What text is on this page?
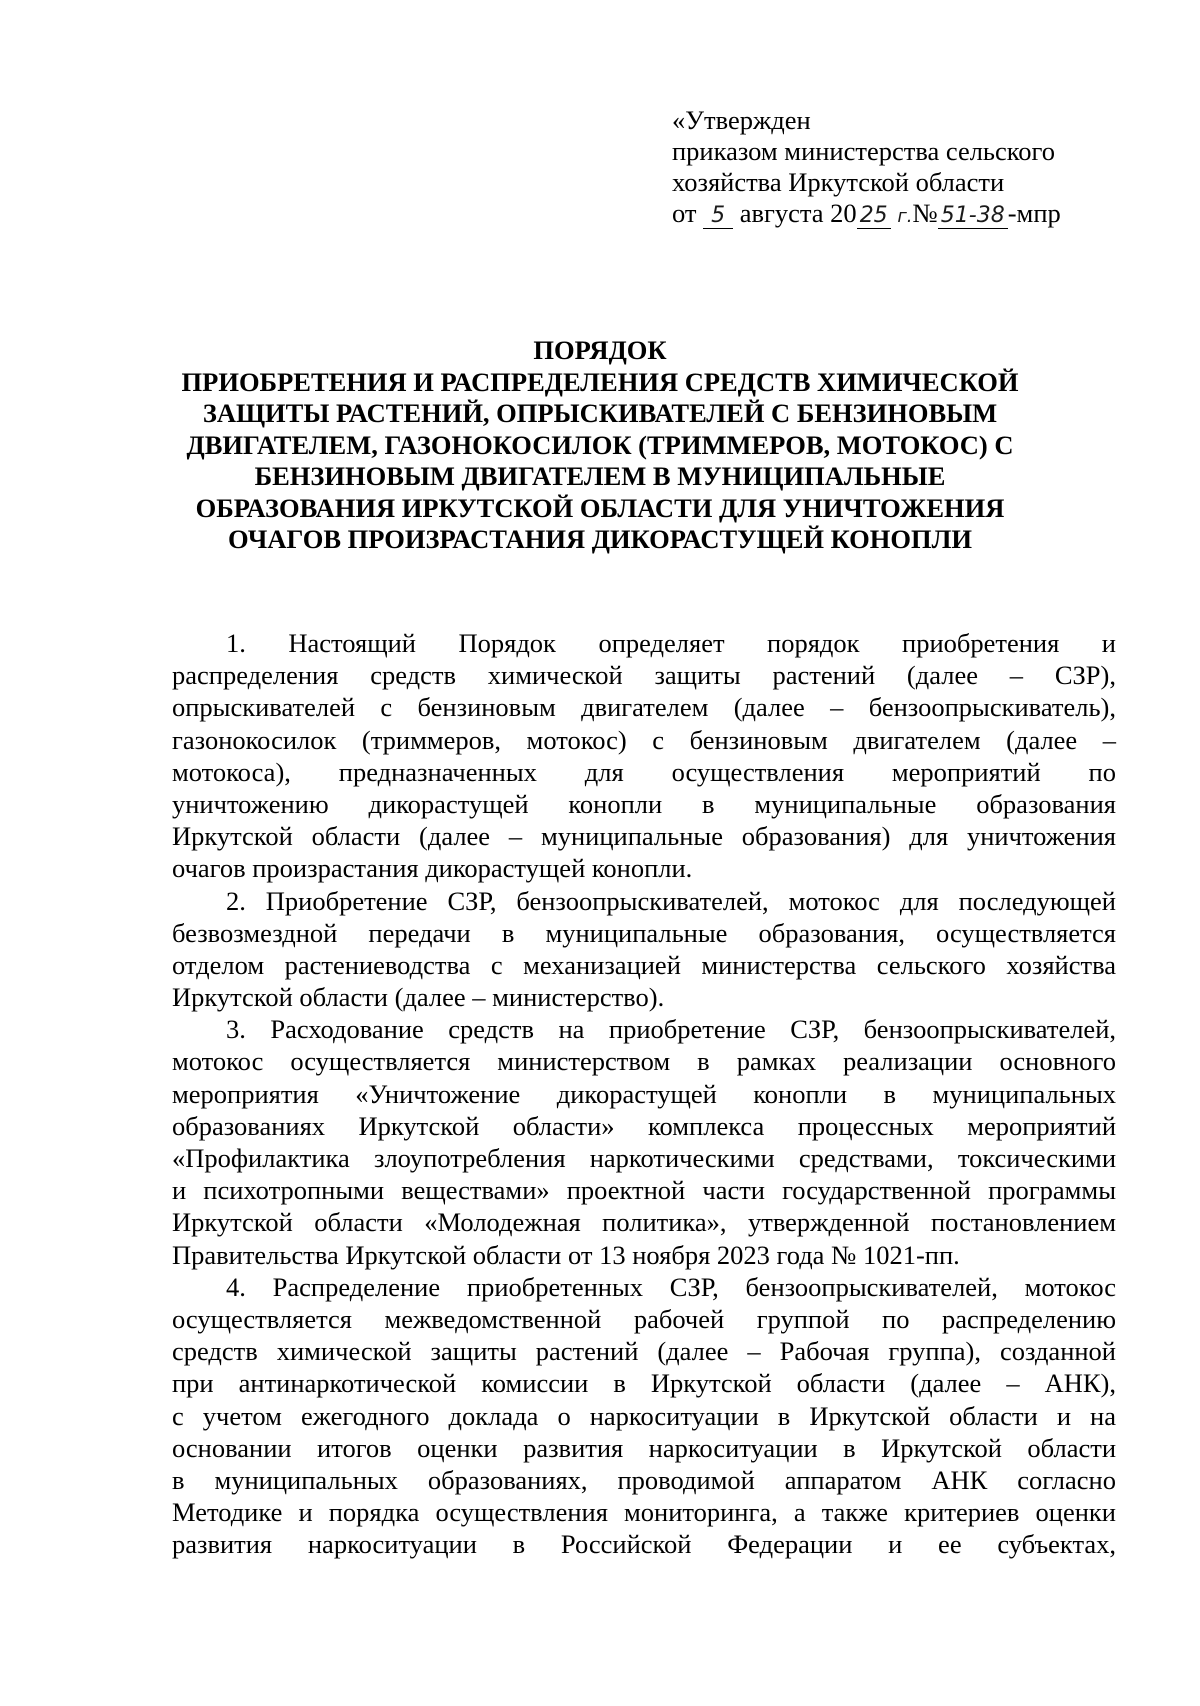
«Утвержден
приказом министерства сельского
хозяйства Иркутской области
от 5 августа 20 25 г.№ 51-38 -мпр
ПОРЯДОК
ПРИОБРЕТЕНИЯ И РАСПРЕДЕЛЕНИЯ СРЕДСТВ ХИМИЧЕСКОЙ
ЗАЩИТЫ РАСТЕНИЙ, ОПРЫСКИВАТЕЛЕЙ С БЕНЗИНОВЫМ
ДВИГАТЕЛЕМ, ГАЗОНОКОСИЛОК (ТРИММЕРОВ, МОТОКОС) С
БЕНЗИНОВЫМ ДВИГАТЕЛЕМ В МУНИЦИПАЛЬНЫЕ
ОБРАЗОВАНИЯ ИРКУТСКОЙ ОБЛАСТИ ДЛЯ УНИЧТОЖЕНИЯ
ОЧАГОВ ПРОИЗРАСТАНИЯ ДИКОРАСТУЩЕЙ КОНОПЛИ
1. Настоящий Порядок определяет порядок приобретения и
распределения средств химической защиты растений (далее – СЗР),
опрыскивателей с бензиновым двигателем (далее – бензоопрыскиватель),
газонокосилок (триммеров, мотокос) с бензиновым двигателем (далее –
мотокоса), предназначенных для осуществления мероприятий по
уничтожению дикорастущей конопли в муниципальные образования
Иркутской области (далее – муниципальные образования) для уничтожения
очагов произрастания дикорастущей конопли.
2. Приобретение СЗР, бензоопрыскивателей, мотокос для последующей
безвозмездной передачи в муниципальные образования, осуществляется
отделом растениеводства с механизацией министерства сельского хозяйства
Иркутской области (далее – министерство).
3. Расходование средств на приобретение СЗР, бензоопрыскивателей,
мотокос осуществляется министерством в рамках реализации основного
мероприятия «Уничтожение дикорастущей конопли в муниципальных
образованиях Иркутской области» комплекса процессных мероприятий
«Профилактика злоупотребления наркотическими средствами, токсическими
и психотропными веществами» проектной части государственной программы
Иркутской области «Молодежная политика», утвержденной постановлением
Правительства Иркутской области от 13 ноября 2023 года № 1021-пп.
4. Распределение приобретенных СЗР, бензоопрыскивателей, мотокос
осуществляется межведомственной рабочей группой по распределению
средств химической защиты растений (далее – Рабочая группа), созданной
при антинаркотической комиссии в Иркутской области (далее – АНК),
с учетом ежегодного доклада о наркоситуации в Иркутской области и на
основании итогов оценки развития наркоситуации в Иркутской области
в муниципальных образованиях, проводимой аппаратом АНК согласно
Методике и порядка осуществления мониторинга, а также критериев оценки
развития наркоситуации в Российской Федерации и ее субъектах,
